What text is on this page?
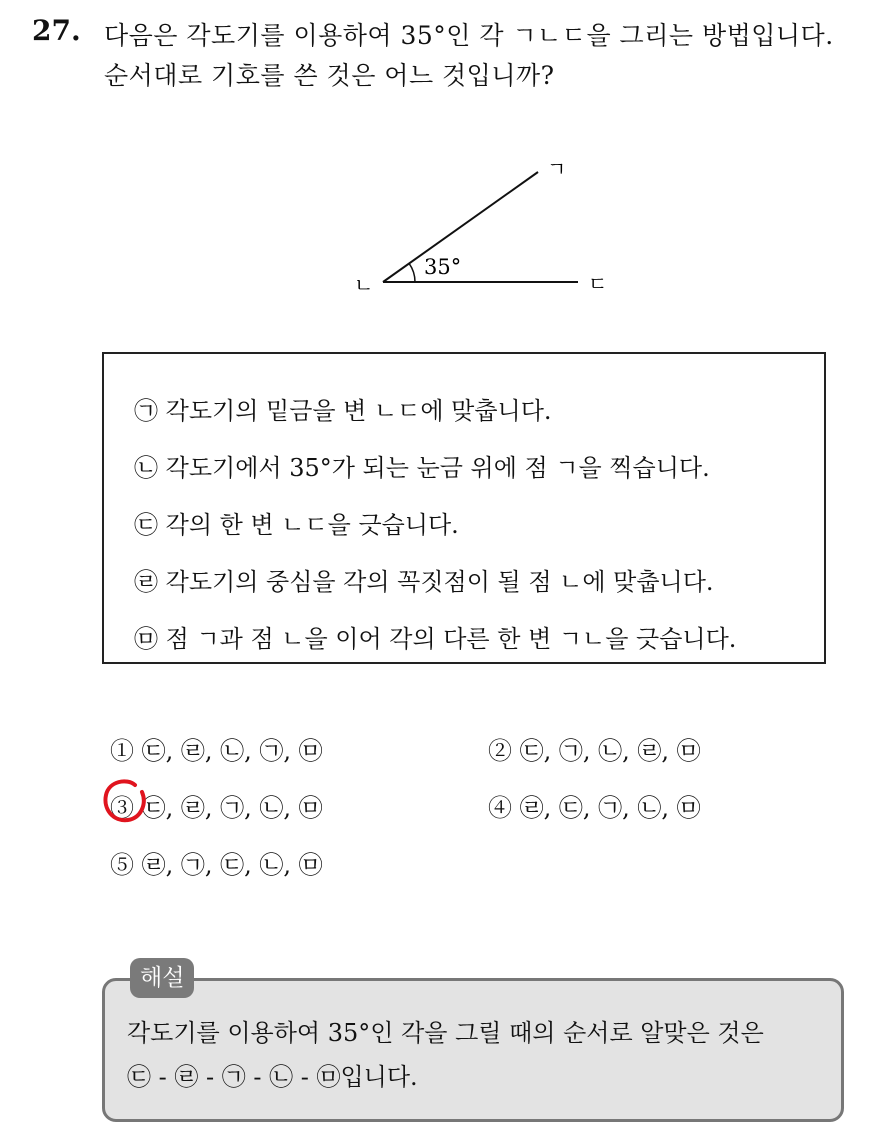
27. 다음은 각도기를 이용하여 35°인 각 ㄱㄴㄷ을 그리는 방법입니다.
순서대로 기호를 쓴 것은 어느 것입니까?
35°
ㄱ
ㄴ	ㄷ
㉠ 각도기의 밑금을 변 ㄴㄷ에 맞춥니다.
㉡ 각도기에서 35°가 되는 눈금 위에 점 ㄱ을 찍습니다.
㉢ 각의 한 변 ㄴㄷ을 긋습니다.
㉣ 각도기의 중심을 각의 꼭짓점이 될 점 ㄴ에 맞춥니다.
㉤ 점 ㄱ과 점 ㄴ을 이어 각의 다른 한 변 ㄱㄴ을 긋습니다.
① ㉢, ㉣, ㉡, ㉠, ㉤	② ㉢, ㉠, ㉡, ㉣, ㉤
③ ㉢, ㉣, ㉠, ㉡, ㉤	④ ㉣, ㉢, ㉠, ㉡, ㉤
⑤ ㉣, ㉠, ㉢, ㉡, ㉤
각도기를 이용하여 35°인 각을 그릴 때의 순서로 알맞은 것은
㉢ - ㉣ - ㉠ - ㉡ - ㉤입니다.
해설
